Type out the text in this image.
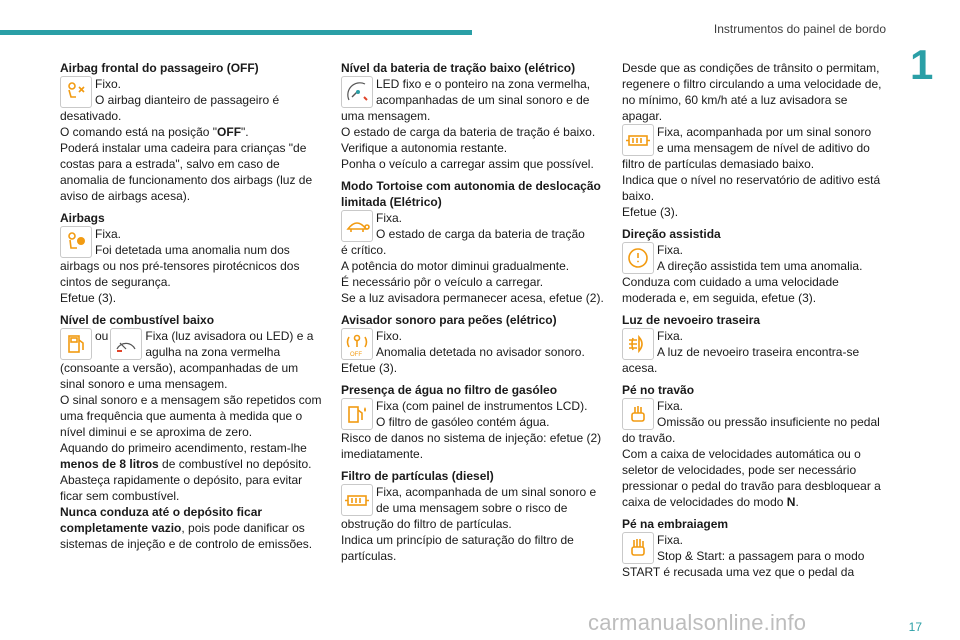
Instrumentos do painel de bordo
1
Airbag frontal do passageiro (OFF)

Fixo.

O airbag dianteiro de passageiro é

desativado.

O comando está na posição "OFF".

Poderá instalar uma cadeira para crianças "de costas para a estrada", salvo em caso de anomalia de funcionamento dos airbags (luz de aviso de airbags acesa).

Airbags

Fixa.

Foi detetada uma anomalia num dos

airbags ou nos pré-tensores pirotécnicos dos cintos de segurança.

Efetue (3).

Nível de combustível baixo
ou	Fixa (luz avisadora ou LED) e a

agulha na zona vermelha

(consoante a versão), acompanhadas de um sinal sonoro e uma mensagem.

O sinal sonoro e a mensagem são repetidos com uma frequência que aumenta à medida que o nível diminui e se aproxima de zero.

Aquando do primeiro acendimento, restam-lhe menos de 8 litros de combustível no depósito.

Abasteça rapidamente o depósito, para evitar ficar sem combustível.

Nunca conduza até o depósito ficar completamente vazio, pois pode danificar os sistemas de injeção e de controlo de emissões.

Nível da bateria de tração baixo (elétrico)

LED fixo e o ponteiro na zona vermelha,

acompanhadas de um sinal sonoro e de

uma mensagem.

O estado de carga da bateria de tração é baixo.

Verifique a autonomia restante.

Ponha o veículo a carregar assim que possível.

Modo Tortoise com autonomia de deslocação limitada (Elétrico)

Fixa.

O estado de carga da bateria de tração

é crítico.

A potência do motor diminui gradualmente.

É necessário pôr o veículo a carregar.

Se a luz avisadora permanecer acesa, efetue (2).

Avisador sonoro para peões (elétrico)
OFF

Fixo.

Anomalia detetada no avisador sonoro.

Efetue (3).

Presença de água no filtro de gasóleo

Fixa (com painel de instrumentos LCD).

O filtro de gasóleo contém água.

Risco de danos no sistema de injeção: efetue (2) imediatamente.

Filtro de partículas (diesel)

Fixa, acompanhada de um sinal sonoro e

de uma mensagem sobre o risco de

obstrução do filtro de partículas.

Indica um princípio de saturação do filtro de partículas.

Desde que as condições de trânsito o permitam, regenere o filtro circulando a uma velocidade de, no mínimo, 60 km/h até a luz avisadora se apagar.

Fixa, acompanhada por um sinal sonoro

e uma mensagem de nível de aditivo do

filtro de partículas demasiado baixo.

Indica que o nível no reservatório de aditivo está baixo.

Efetue (3).

Direção assistida

Fixa.

A direção assistida tem uma anomalia.

Conduza com cuidado a uma velocidade moderada e, em seguida, efetue (3).

Luz de nevoeiro traseira

Fixa.

A luz de nevoeiro traseira encontra-se

acesa.

Pé no travão

Fixa.

Omissão ou pressão insuficiente no pedal

do travão.

Com a caixa de velocidades automática ou o seletor de velocidades, pode ser necessário pressionar o pedal do travão para desbloquear a caixa de velocidades do modo N.

Pé na embraiagem

Fixa.

Stop & Start: a passagem para o modo

START é recusada uma vez que o pedal da

carmanualsonline.info	17
